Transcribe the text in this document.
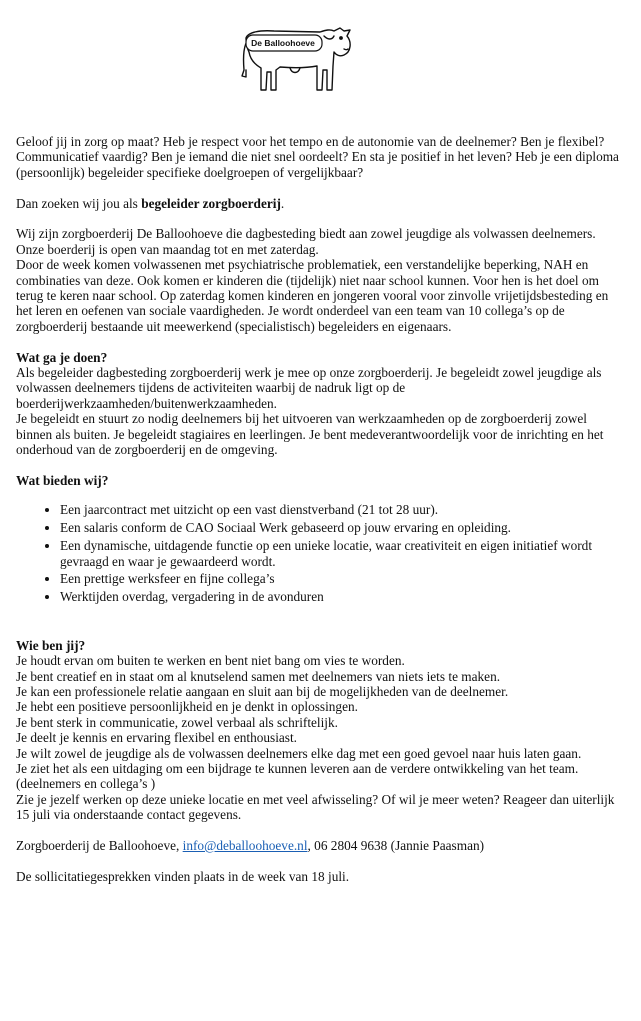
De Balloohoeve

Geloof jij in zorg op maat? Heb je respect voor het tempo en de autonomie van de deelnemer? Ben je flexibel? Communicatief vaardig? Ben je iemand die niet snel oordeelt? En sta je positief in het leven? Heb je een diploma (persoonlijk) begeleider specifieke doelgroepen of vergelijkbaar?

Dan zoeken wij jou als begeleider zorgboerderij.

Wij zijn zorgboerderij De Balloohoeve die dagbesteding biedt aan zowel jeugdige als volwassen deelnemers. Onze boerderij is open van maandag tot en met zaterdag.

Door de week komen volwassenen met psychiatrische problematiek, een verstandelijke beperking, NAH en combinaties van deze. Ook komen er kinderen die (tijdelijk) niet naar school kunnen. Voor hen is het doel om terug te keren naar school. Op zaterdag komen kinderen en jongeren vooral voor zinvolle vrijetijdsbesteding en het leren en oefenen van sociale vaardigheden. Je wordt onderdeel van een team van 10 collega’s op de zorgboerderij bestaande uit meewerkend (specialistisch) begeleiders en eigenaars.

Wat ga je doen?

Als begeleider dagbesteding zorgboerderij werk je mee op onze zorgboerderij. Je begeleidt zowel jeugdige als volwassen deelnemers tijdens de activiteiten waarbij de nadruk ligt op de boerderijwerkzaamheden/buitenwerkzaamheden.

Je begeleidt en stuurt zo nodig deelnemers bij het uitvoeren van werkzaamheden op de zorgboerderij zowel binnen als buiten. Je begeleidt stagiaires en leerlingen. Je bent medeverantwoordelijk voor de inrichting en het onderhoud van de zorgboerderij en de omgeving.

Wat bieden wij?
• Een jaarcontract met uitzicht op een vast dienstverband (21 tot 28 uur).
• Een salaris conform de CAO Sociaal Werk gebaseerd op jouw ervaring en opleiding.
• Een dynamische, uitdagende functie op een unieke locatie, waar creativiteit en eigen initiatief wordt gevraagd en waar je gewaardeerd wordt.
• Een prettige werksfeer en fijne collega’s
• Werktijden overdag, vergadering in de avonduren
Wie ben jij?

Je houdt ervan om buiten te werken en bent niet bang om vies te worden.

Je bent creatief en in staat om al knutselend samen met deelnemers van niets iets te maken.

Je kan een professionele relatie aangaan en sluit aan bij de mogelijkheden van de deelnemer.

Je hebt een positieve persoonlijkheid en je denkt in oplossingen.

Je bent sterk in communicatie, zowel verbaal als schriftelijk.

Je deelt je kennis en ervaring flexibel en enthousiast.

Je wilt zowel de jeugdige als de volwassen deelnemers elke dag met een goed gevoel naar huis laten gaan.

Je ziet het als een uitdaging om een bijdrage te kunnen leveren aan de verdere ontwikkeling van het team. (deelnemers en collega’s )

Zie je jezelf werken op deze unieke locatie en met veel afwisseling? Of wil je meer weten? Reageer dan uiterlijk 15 juli via onderstaande contact gegevens.

Zorgboerderij de Balloohoeve, info@deballoohoeve.nl, 06 2804 9638 (Jannie Paasman)

De sollicitatiegesprekken vinden plaats in de week van 18 juli.
